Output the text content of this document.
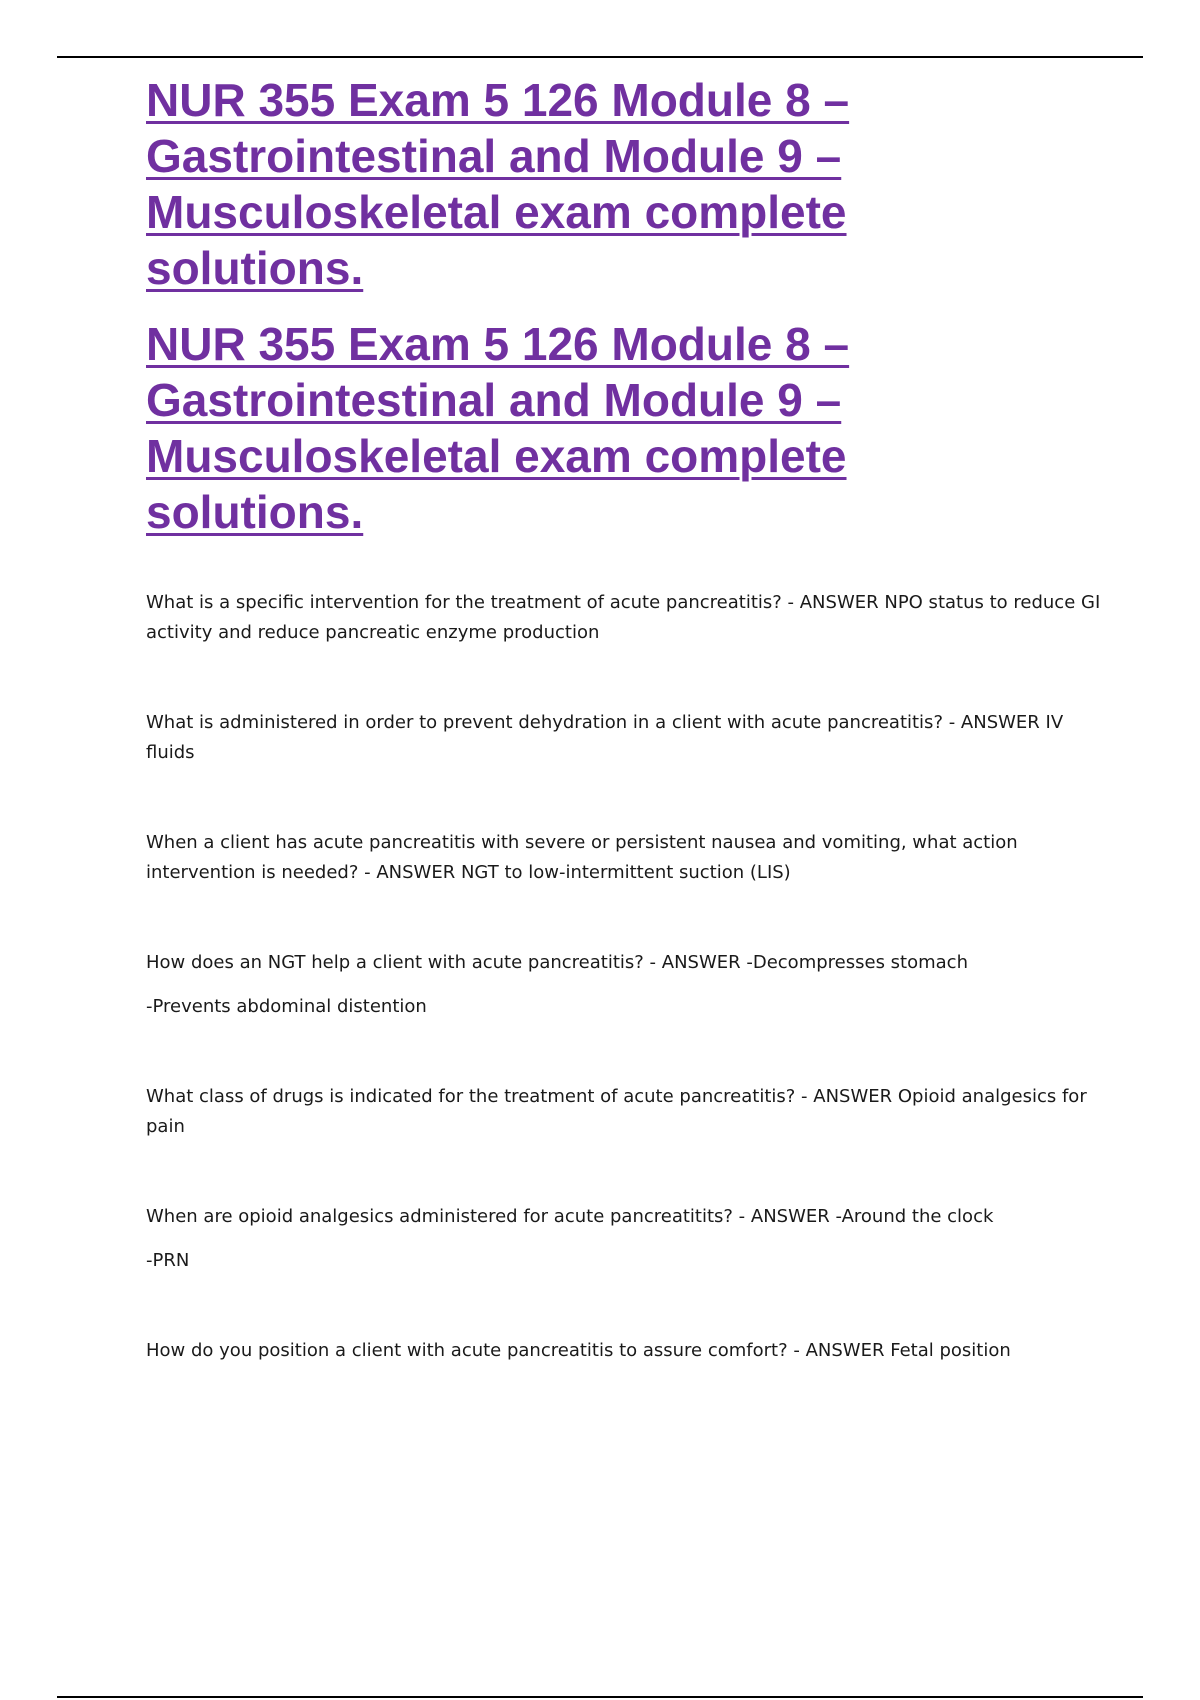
NUR 355 Exam 5 126 Module 8 – Gastrointestinal and Module 9 – Musculoskeletal exam complete solutions.
NUR 355 Exam 5 126 Module 8 – Gastrointestinal and Module 9 – Musculoskeletal exam complete solutions.

What is a specific intervention for the treatment of acute pancreatitis? - ANSWER NPO status to reduce GI activity and reduce pancreatic enzyme production

What is administered in order to prevent dehydration in a client with acute pancreatitis? - ANSWER IV fluids

When a client has acute pancreatitis with severe or persistent nausea and vomiting, what action intervention is needed? - ANSWER NGT to low-intermittent suction (LIS)

How does an NGT help a client with acute pancreatitis? - ANSWER -Decompresses stomach

-Prevents abdominal distention

What class of drugs is indicated for the treatment of acute pancreatitis? - ANSWER Opioid analgesics for pain

When are opioid analgesics administered for acute pancreatitits? - ANSWER -Around the clock

-PRN

How do you position a client with acute pancreatitis to assure comfort? - ANSWER Fetal position
